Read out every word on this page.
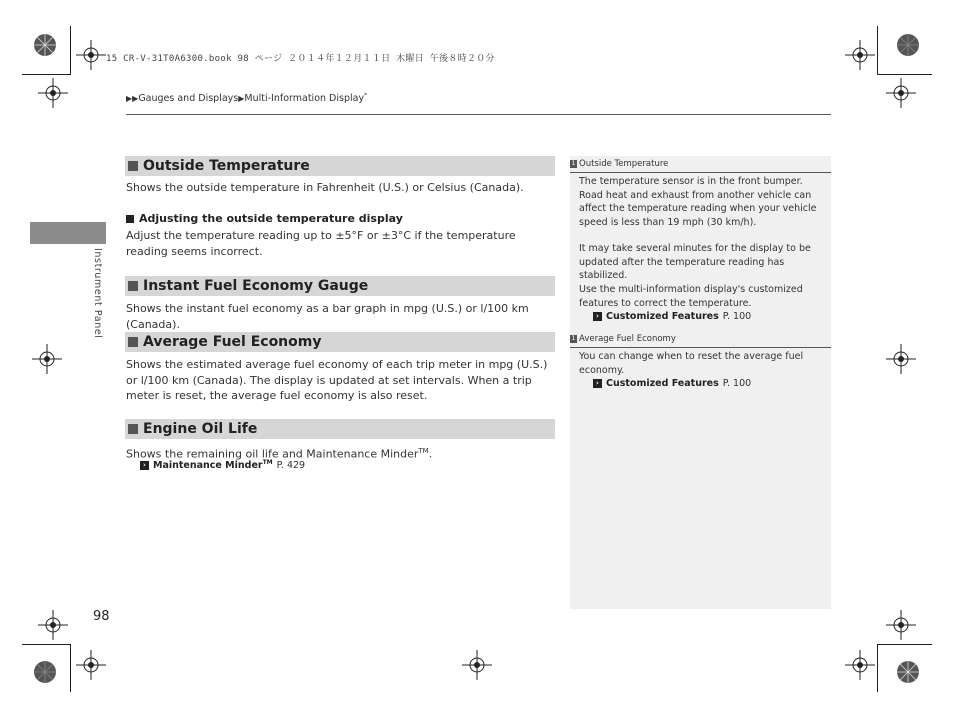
15 CR-V-31T0A6300.book 98 ページ ２０１４年１２月１１日 木曜日 午後８時２０分
▶▶Gauges and Displays▶Multi-Information Display*
Instrument Panel
Outside Temperature
Shows the outside temperature in Fahrenheit (U.S.) or Celsius (Canada).
Adjusting the outside temperature display
Adjust the temperature reading up to ±5°F or ±3°C if the temperature reading seems incorrect.
Instant Fuel Economy Gauge
Shows the instant fuel economy as a bar graph in mpg (U.S.) or l/100 km (Canada).
Average Fuel Economy
Shows the estimated average fuel economy of each trip meter in mpg (U.S.) or l/100 km (Canada). The display is updated at set intervals. When a trip meter is reset, the average fuel economy is also reset.
Engine Oil Life
Shows the remaining oil life and Maintenance Minder™.
› Maintenance Minder™ P. 429
1 Outside Temperature
The temperature sensor is in the front bumper. Road heat and exhaust from another vehicle can affect the temperature reading when your vehicle speed is less than 19 mph (30 km/h).
It may take several minutes for the display to be updated after the temperature reading has stabilized.
Use the multi-information display's customized features to correct the temperature.
› Customized Features P. 100
1 Average Fuel Economy
You can change when to reset the average fuel economy.
› Customized Features P. 100
98
